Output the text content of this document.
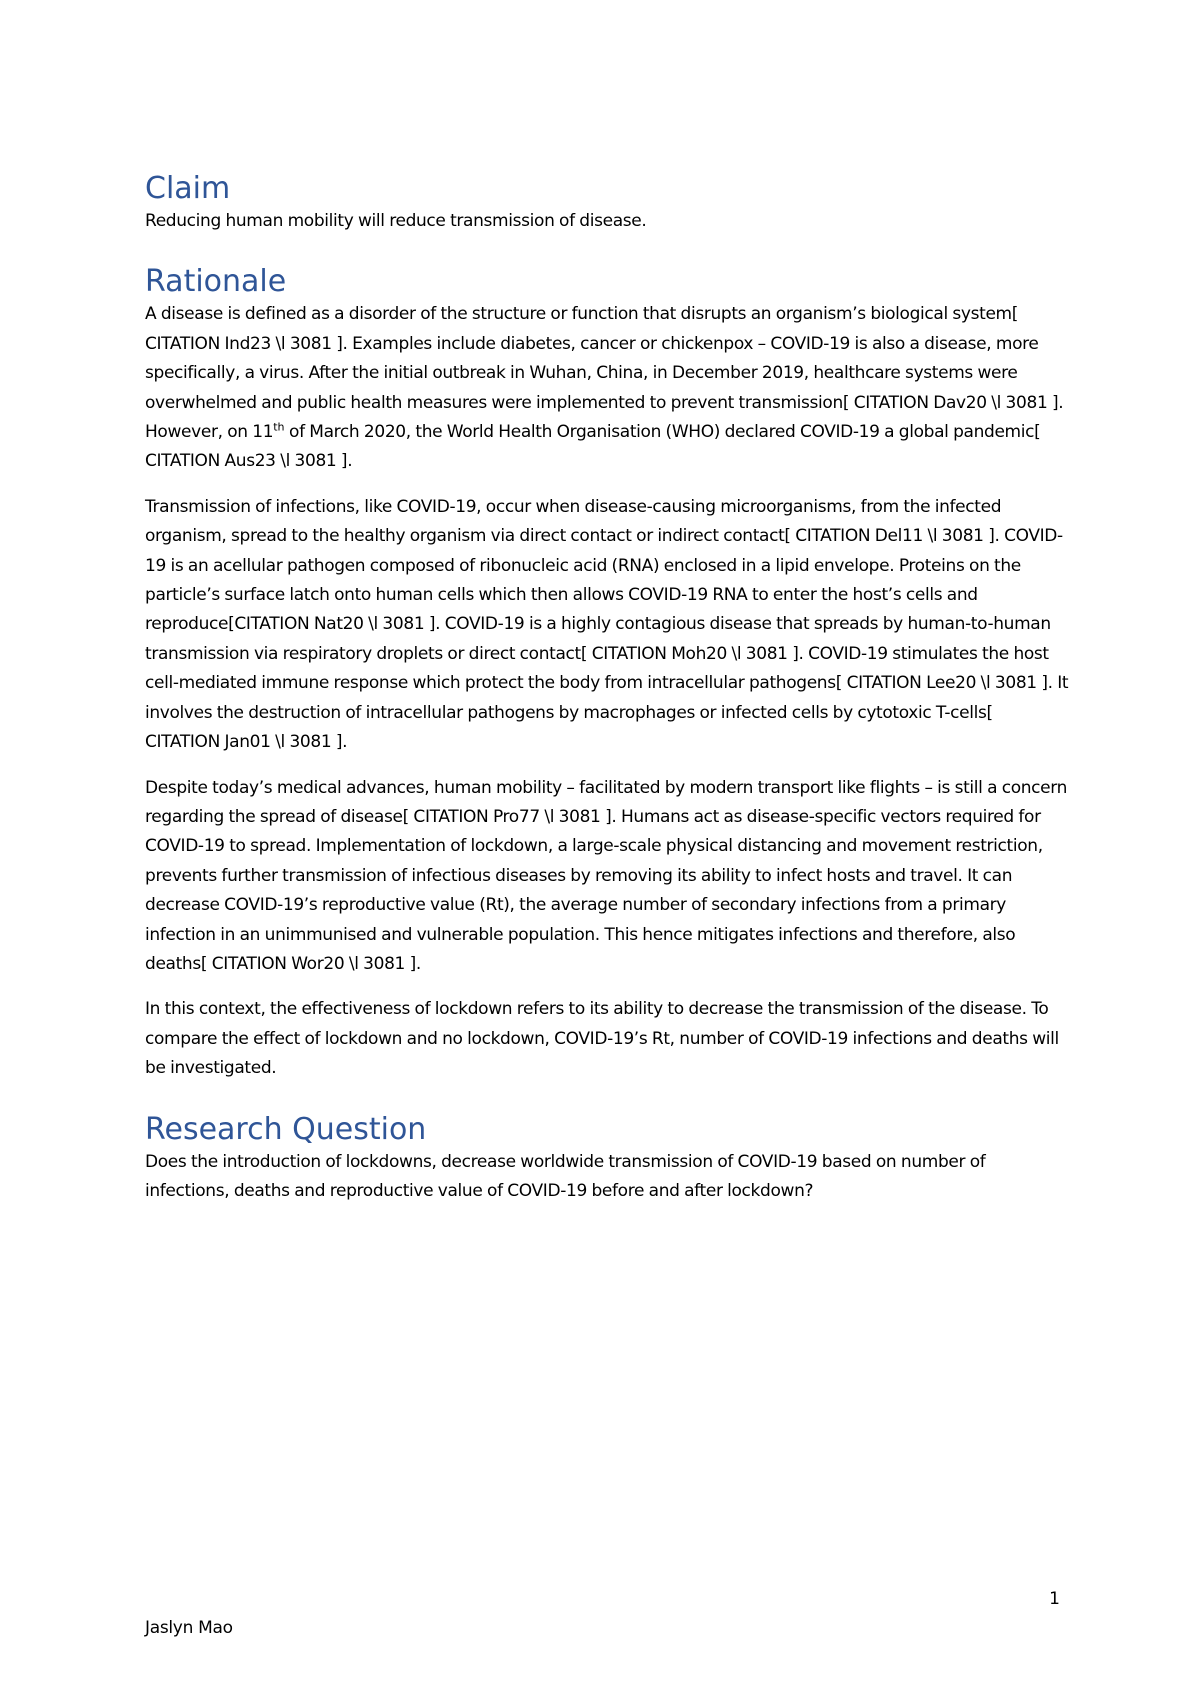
Claim

Reducing human mobility will reduce transmission of disease.

Rationale

A disease is defined as a disorder of the structure or function that disrupts an organism’s biological system[ CITATION Ind23 \l 3081 ]. Examples include diabetes, cancer or chickenpox – COVID-19 is also a disease, more specifically, a virus. After the initial outbreak in Wuhan, China, in December 2019, healthcare systems were overwhelmed and public health measures were implemented to prevent transmission[ CITATION Dav20 \l 3081 ]. However, on 11th of March 2020, the World Health Organisation (WHO) declared COVID-19 a global pandemic[ CITATION Aus23 \l 3081 ].

Transmission of infections, like COVID-19, occur when disease-causing microorganisms, from the infected organism, spread to the healthy organism via direct contact or indirect contact[ CITATION Del11 \l 3081 ]. COVID-19 is an acellular pathogen composed of ribonucleic acid (RNA) enclosed in a lipid envelope. Proteins on the particle’s surface latch onto human cells which then allows COVID-19 RNA to enter the host’s cells and reproduce[CITATION Nat20 \l 3081 ]. COVID-19 is a highly contagious disease that spreads by human-to-human transmission via respiratory droplets or direct contact[ CITATION Moh20 \l 3081 ]. COVID-19 stimulates the host cell-mediated immune response which protect the body from intracellular pathogens[ CITATION Lee20 \l 3081 ]. It involves the destruction of intracellular pathogens by macrophages or infected cells by cytotoxic T-cells[ CITATION Jan01 \l 3081 ].

Despite today’s medical advances, human mobility – facilitated by modern transport like flights – is still a concern regarding the spread of disease[ CITATION Pro77 \l 3081 ]. Humans act as disease-specific vectors required for COVID-19 to spread. Implementation of lockdown, a large-scale physical distancing and movement restriction, prevents further transmission of infectious diseases by removing its ability to infect hosts and travel. It can decrease COVID-19’s reproductive value (Rt), the average number of secondary infections from a primary infection in an unimmunised and vulnerable population. This hence mitigates infections and therefore, also deaths[ CITATION Wor20 \l 3081 ].

In this context, the effectiveness of lockdown refers to its ability to decrease the transmission of the disease. To compare the effect of lockdown and no lockdown, COVID-19’s Rt, number of COVID-19 infections and deaths will be investigated.

Research Question

Does the introduction of lockdowns, decrease worldwide transmission of COVID-19 based on number of infections, deaths and reproductive value of COVID-19 before and after lockdown?

1
Jaslyn Mao
